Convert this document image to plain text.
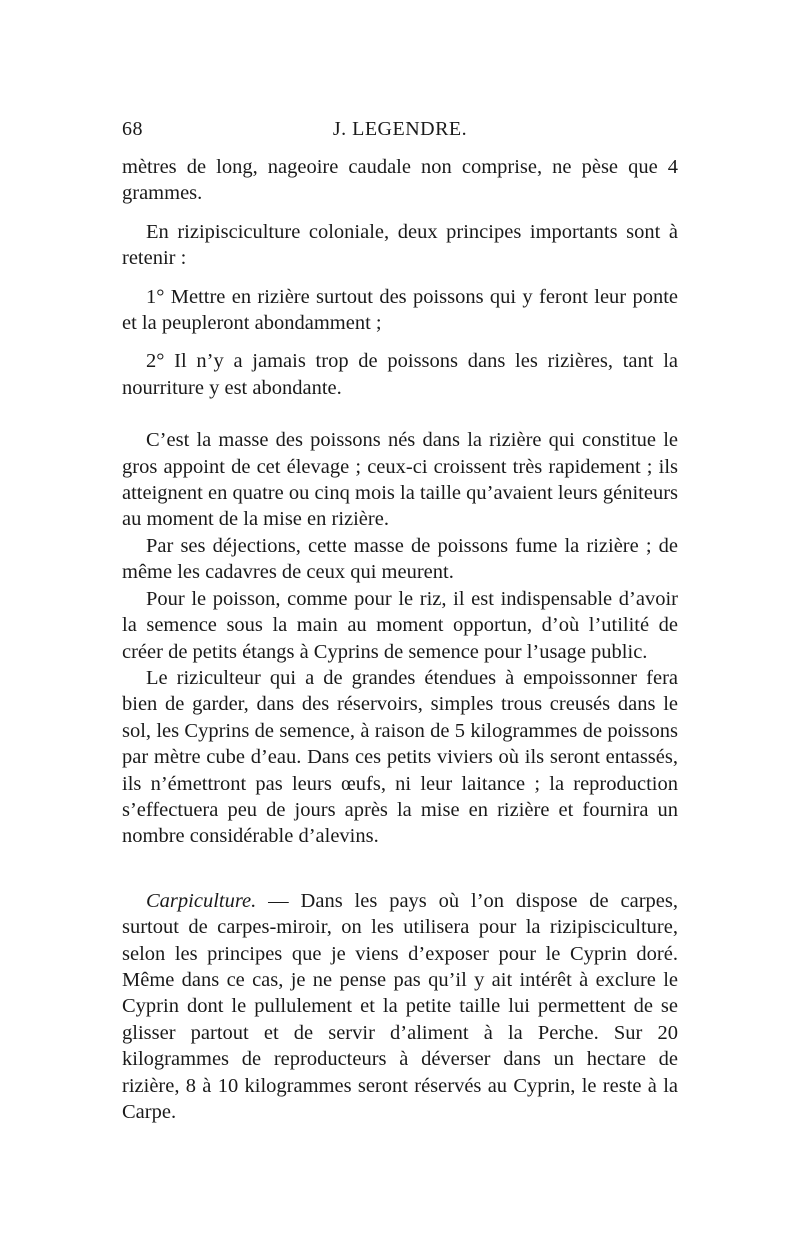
68	J. LEGENDRE.

mètres de long, nageoire caudale non comprise, ne pèse que 4 grammes.

En rizipisciculture coloniale, deux principes importants sont à retenir :

1° Mettre en rizière surtout des poissons qui y feront leur ponte et la peupleront abondamment ;

2° Il n’y a jamais trop de poissons dans les rizières, tant la nourriture y est abondante.

C’est la masse des poissons nés dans la rizière qui constitue le gros appoint de cet élevage ; ceux-ci croissent très rapidement ; ils atteignent en quatre ou cinq mois la taille qu’avaient leurs géniteurs au moment de la mise en rizière.

Par ses déjections, cette masse de poissons fume la rizière ; de même les cadavres de ceux qui meurent.

Pour le poisson, comme pour le riz, il est indispensable d’avoir la semence sous la main au moment opportun, d’où l’utilité de créer de petits étangs à Cyprins de semence pour l’usage public.

Le riziculteur qui a de grandes étendues à empoissonner fera bien de garder, dans des réservoirs, simples trous creusés dans le sol, les Cyprins de semence, à raison de 5 kilogrammes de poissons par mètre cube d’eau. Dans ces petits viviers où ils seront entassés, ils n’émettront pas leurs œufs, ni leur laitance ; la reproduction s’effectuera peu de jours après la mise en rizière et fournira un nombre considérable d’alevins.

Carpiculture. — Dans les pays où l’on dispose de carpes, surtout de carpes-miroir, on les utilisera pour la rizipisciculture, selon les principes que je viens d’exposer pour le Cyprin doré. Même dans ce cas, je ne pense pas qu’il y ait intérêt à exclure le Cyprin dont le pullulement et la petite taille lui permettent de se glisser partout et de servir d’aliment à la Perche. Sur 20 kilogrammes de reproducteurs à déverser dans un hectare de rizière, 8 à 10 kilogrammes seront réservés au Cyprin, le reste à la Carpe.
